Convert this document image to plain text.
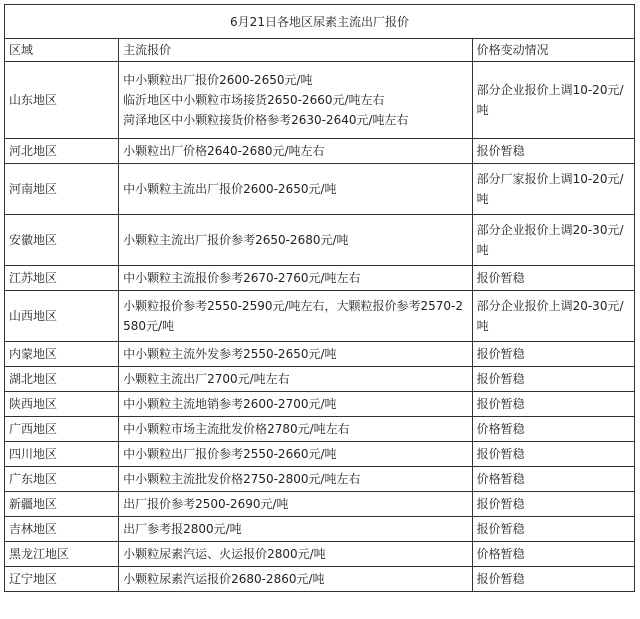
6月21日各地区尿素主流出厂报价		
区域	主流报价	价格变动情况
山东地区	中小颗粒出厂报价2600-2650元/吨
临沂地区中小颗粒市场接货2650-2660元/吨左右
菏泽地区中小颗粒接货价格参考2630-2640元/吨左右	部分企业报价上调10-20元/吨
河北地区	小颗粒出厂价格2640-2680元/吨左右	报价暂稳
河南地区	中小颗粒主流出厂报价2600-2650元/吨	部分厂家报价上调10-20元/吨
安徽地区	小颗粒主流出厂报价参考2650-2680元/吨	部分企业报价上调20-30元/吨
江苏地区	中小颗粒主流报价参考2670-2760元/吨左右	报价暂稳
山西地区	小颗粒报价参考2550-2590元/吨左右，大颗粒报价参考2570-2580元/吨	部分企业报价上调20-30元/吨
内蒙地区	中小颗粒主流外发参考2550-2650元/吨	报价暂稳
湖北地区	小颗粒主流出厂2700元/吨左右	报价暂稳
陕西地区	中小颗粒主流地销参考2600-2700元/吨	报价暂稳
广西地区	中小颗粒市场主流批发价格2780元/吨左右	价格暂稳
四川地区	中小颗粒出厂报价参考2550-2660元/吨	报价暂稳
广东地区	中小颗粒主流批发价格2750-2800元/吨左右	价格暂稳
新疆地区	出厂报价参考2500-2690元/吨	报价暂稳
吉林地区	出厂参考报2800元/吨	报价暂稳
黑龙江地区	小颗粒尿素汽运、火运报价2800元/吨	价格暂稳
辽宁地区	小颗粒尿素汽运报价2680-2860元/吨	报价暂稳
